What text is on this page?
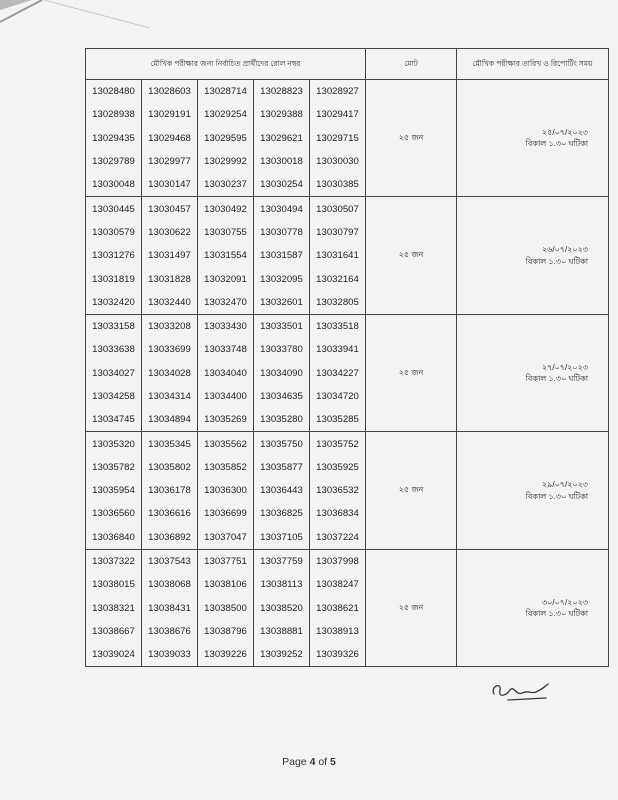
মৌখিক পরীক্ষার জন্য নির্বাচিত প্রার্থীদের রোল নম্বর					মোট	মৌখিক পরীক্ষার তারিখ ও রিপোর্টিং সময়
13028480	13028603	13028714	13028823	13028927	২৫ জন	২৫/০৭/২০২৩
বিকাল ১.৩০ ঘটিকা

13028938	13029191	13029254	13029388	13029417		
13029435	13029468	13029595	13029621	13029715		
13029789	13029977	13029992	13030018	13030030		
13030048	13030147	13030237	13030254	13030385		
13030445	13030457	13030492	13030494	13030507	২৫ জন	২৬/০৭/২০২৩
বিকাল ১.৩০ ঘটিকা

13030579	13030622	13030755	13030778	13030797		
13031276	13031497	13031554	13031587	13031641		
13031819	13031828	13032091	13032095	13032164		
13032420	13032440	13032470	13032601	13032805		
13033158	13033208	13033430	13033501	13033518	২৫ জন	২৭/০৭/২০২৩
বিকাল ১.৩০ ঘটিকা

13033638	13033699	13033748	13033780	13033941		
13034027	13034028	13034040	13034090	13034227		
13034258	13034314	13034400	13034635	13034720		
13034745	13034894	13035269	13035280	13035285		
13035320	13035345	13035562	13035750	13035752	২৫ জন	২৯/০৭/২০২৩
বিকাল ১.৩০ ঘটিকা

13035782	13035802	13035852	13035877	13035925		
13035954	13036178	13036300	13036443	13036532		
13036560	13036616	13036699	13036825	13036834		
13036840	13036892	13037047	13037105	13037224		
13037322	13037543	13037751	13037759	13037998	২৫ জন	৩০/০৭/২০২৩
বিকাল ১.৩০ ঘটিকা

13038015	13038068	13038106	13038113	13038247		
13038321	13038431	13038500	13038520	13038621		
13038667	13038676	13038796	13038881	13038913		
13039024	13039033	13039226	13039252	13039326		
Page 4 of 5
